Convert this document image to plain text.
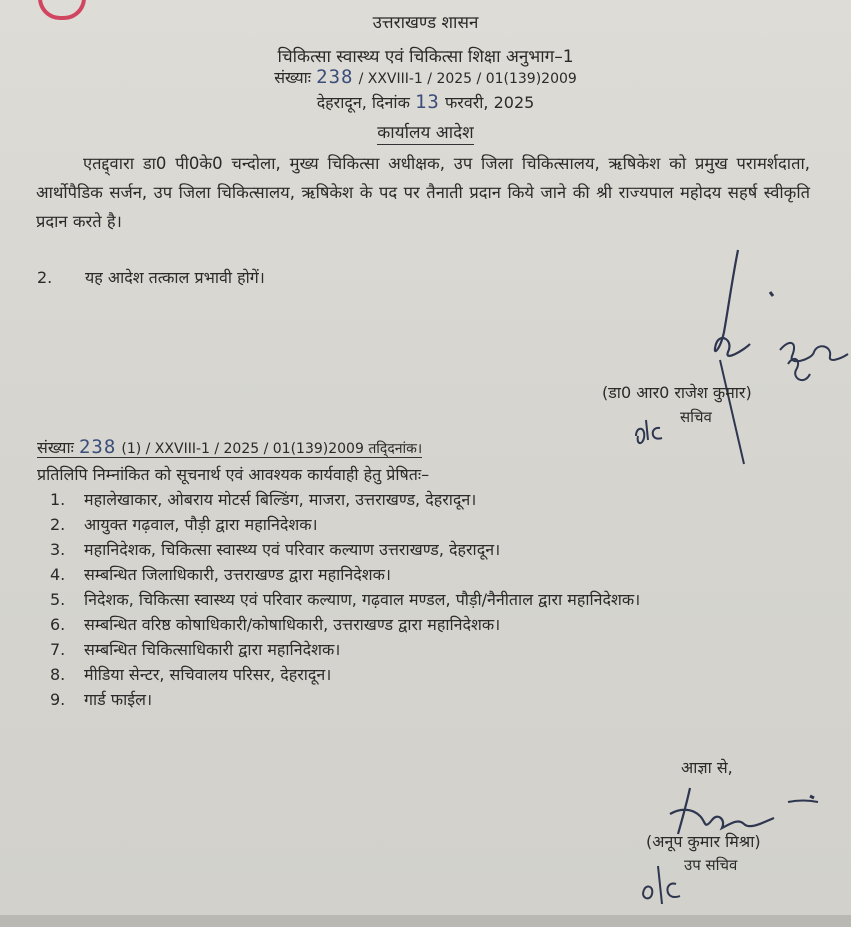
उत्तराखण्ड शासन
चिकित्सा स्वास्थ्य एवं चिकित्सा शिक्षा अनुभाग–1
संख्याः 238 / XXVIII-1 / 2025 / 01(139)2009
देहरादून, दिनांक 13 फरवरी, 2025
कार्यालय आदेश
एतद्द्वारा डा0 पी0के0 चन्दोला, मुख्य चिकित्सा अधीक्षक, उप जिला चिकित्सालय, ऋषिकेश को प्रमुख परामर्शदाता, आर्थोपैडिक सर्जन, उप जिला चिकित्सालय, ऋषिकेश के पद पर तैनाती प्रदान किये जाने की श्री राज्यपाल महोदय सहर्ष स्वीकृति प्रदान करते है।
2. यह आदेश तत्काल प्रभावी होगें।
(डा0 आर0 राजेश कुमार)
सचिव
संख्याः 238 (1) / XXVIII-1 / 2025 / 01(139)2009 तद्‍दिनांक।
प्रतिलिपि निम्नांकित को सूचनार्थ एवं आवश्यक कार्यवाही हेतु प्रेषितः–
1.	महालेखाकार, ओबराय मोटर्स बिल्डिंग, माजरा, उत्तराखण्ड, देहरादून।
2.	आयुक्त गढ़वाल, पौड़ी द्वारा महानिदेशक।
3.	महानिदेशक, चिकित्सा स्वास्थ्य एवं परिवार कल्याण उत्तराखण्ड, देहरादून।
4.	सम्बन्धित जिलाधिकारी, उत्तराखण्ड द्वारा महानिदेशक।
5.	निदेशक, चिकित्सा स्वास्थ्य एवं परिवार कल्याण, गढ़वाल मण्डल, पौड़ी/नैनीताल द्वारा महानिदेशक।
6.	सम्बन्धित वरिष्ठ कोषाधिकारी/कोषाधिकारी, उत्तराखण्ड द्वारा महानिदेशक।
7.	सम्बन्धित चिकित्साधिकारी द्वारा महानिदेशक।
8.	मीडिया सेन्टर, सचिवालय परिसर, देहरादून।
9.	गार्ड फाईल।
आज्ञा से,
(अनूप कुमार मिश्रा)
उप सचिव
